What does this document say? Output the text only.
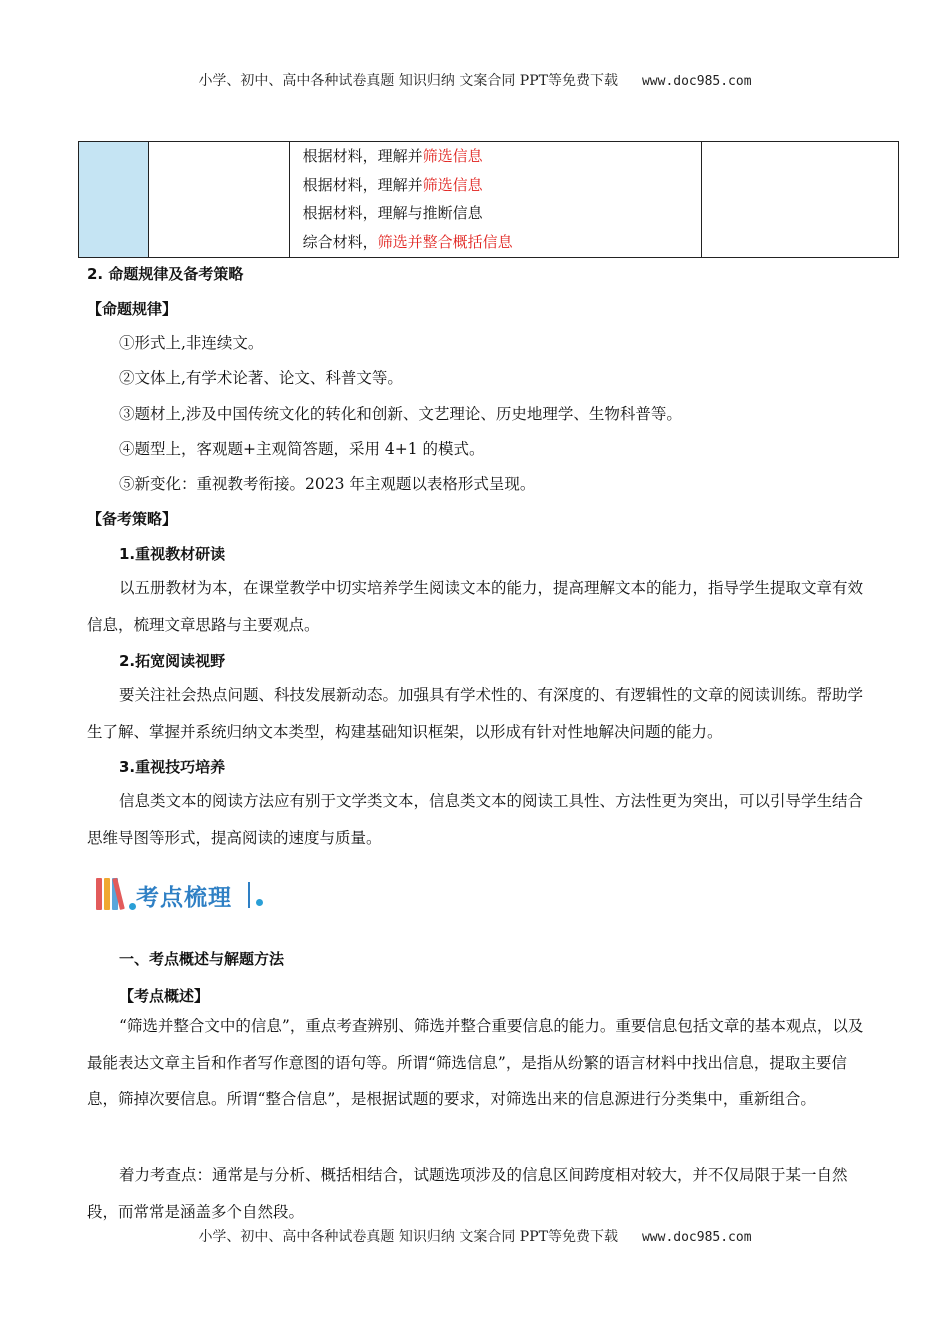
小学、初中、高中各种试卷真题 知识归纳 文案合同 PPT等免费下载 www.doc985.com

根据材料，理解并筛选信息
根据材料，理解并筛选信息
根据材料，理解与推断信息
综合材料，筛选并整合概括信息

2. 命题规律及备考策略
【命题规律】
①形式上,非连续文。
②文体上,有学术论著、论文、科普文等。
③题材上,涉及中国传统文化的转化和创新、文艺理论、历史地理学、生物科普等。
④题型上，客观题+主观简答题，采用 4+1 的模式。
⑤新变化：重视教考衔接。2023 年主观题以表格形式呈现。
【备考策略】
1.重视教材研读
以五册教材为本，在课堂教学中切实培养学生阅读文本的能力，提高理解文本的能力，指导学生提取文章有效信息，梳理文章思路与主要观点。
2.拓宽阅读视野
要关注社会热点问题、科技发展新动态。加强具有学术性的、有深度的、有逻辑性的文章的阅读训练。帮助学生了解、掌握并系统归纳文本类型，构建基础知识框架，以形成有针对性地解决问题的能力。
3.重视技巧培养
信息类文本的阅读方法应有别于文学类文本，信息类文本的阅读工具性、方法性更为突出，可以引导学生结合思维导图等形式，提高阅读的速度与质量。
考点梳理
一、考点概述与解题方法
【考点概述】
“筛选并整合文中的信息”，重点考查辨别、筛选并整合重要信息的能力。重要信息包括文章的基本观点，以及最能表达文章主旨和作者写作意图的语句等。所谓“筛选信息”，是指从纷繁的语言材料中找出信息，提取主要信息，筛掉次要信息。所谓“整合信息”，是根据试题的要求，对筛选出来的信息源进行分类集中，重新组合。
着力考查点：通常是与分析、概括相结合，试题选项涉及的信息区间跨度相对较大，并不仅局限于某一自然段，而常常是涵盖多个自然段。
小学、初中、高中各种试卷真题 知识归纳 文案合同 PPT等免费下载 www.doc985.com
